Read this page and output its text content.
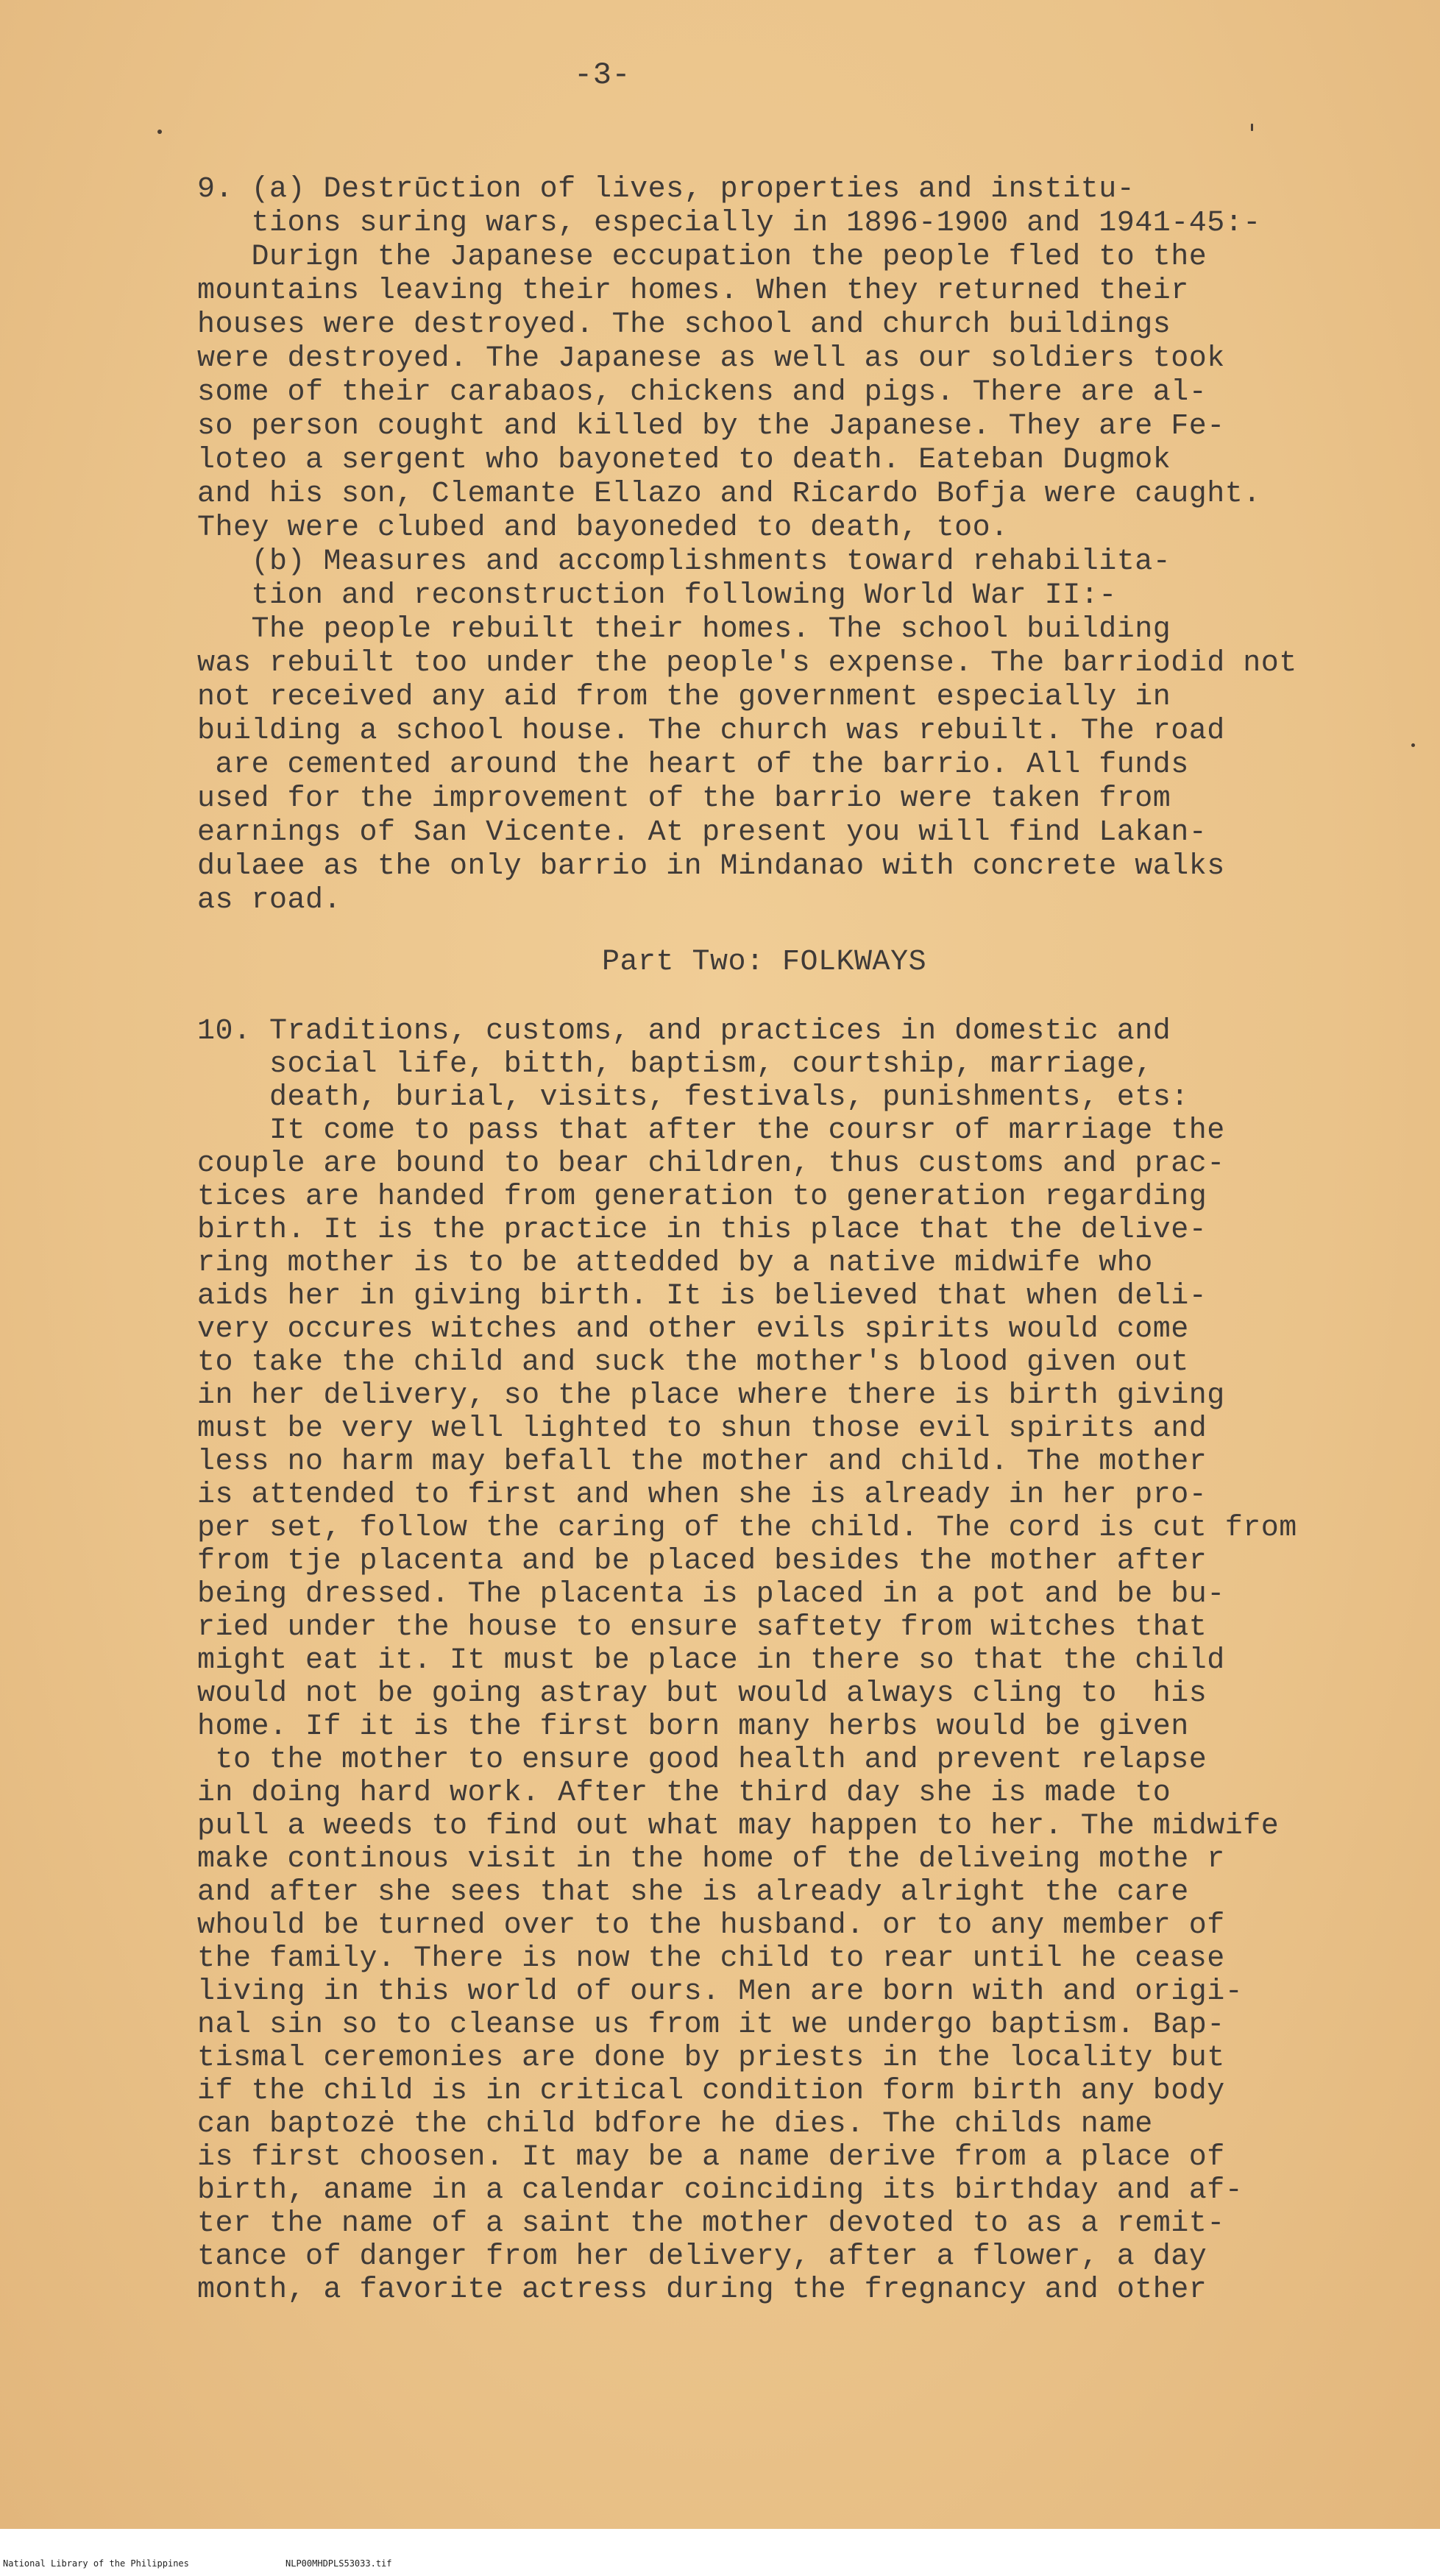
-3-
9. (a) Destrūction of lives, properties and institu-
tions suring wars, especially in 1896-1900 and 1941-45:-
Durign the Japanese eccupation the people fled to the
mountains leaving their homes. When they returned their
houses were destroyed. The school and church buildings
were destroyed. The Japanese as well as our soldiers took
some of their carabaos, chickens and pigs. There are al-
so person cought and killed by the Japanese. They are Fe-
loteo a sergent who bayoneted to death. Eateban Dugmok
and his son, Clemante Ellazo and Ricardo Bofja were caught.
They were clubed and bayoneded to death, too.
(b) Measures and accomplishments toward rehabilita-
tion and reconstruction following World War II:-
The people rebuilt their homes. The school building
was rebuilt too under the people's expense. The barriodid not
not received any aid from the government especially in
building a school house. The church was rebuilt. The road
are cemented around the heart of the barrio. All funds
used for the improvement of the barrio were taken from
earnings of San Vicente. At present you will find Lakan-
dulaee as the only barrio in Mindanao with concrete walks
as road.
Part Two: FOLKWAYS
10. Traditions, customs, and practices in domestic and
social life, bitth, baptism, courtship, marriage,
death, burial, visits, festivals, punishments, ets:
It come to pass that after the coursr of marriage the
couple are bound to bear children, thus customs and prac-
tices are handed from generation to generation regarding
birth. It is the practice in this place that the delive-
ring mother is to be attedded by a native midwife who
aids her in giving birth. It is believed that when deli-
very occures witches and other evils spirits would come
to take the child and suck the mother's blood given out
in her delivery, so the place where there is birth giving
must be very well lighted to shun those evil spirits and
less no harm may befall the mother and child. The mother
is attended to first and when she is already in her pro-
per set, follow the caring of the child. The cord is cut from
from tje placenta and be placed besides the mother after
being dressed. The placenta is placed in a pot and be bu-
ried under the house to ensure saftety from witches that
might eat it. It must be place in there so that the child
would not be going astray but would always cling to  his
home. If it is the first born many herbs would be given
to the mother to ensure good health and prevent relapse
in doing hard work. After the third day she is made to
pull a weeds to find out what may happen to her. The midwife
make continous visit in the home of the deliveing mothe r
and after she sees that she is already alright the care
whould be turned over to the husband. or to any member of
the family. There is now the child to rear until he cease
living in this world of ours. Men are born with and origi-
nal sin so to cleanse us from it we undergo baptism. Bap-
tismal ceremonies are done by priests in the locality but
if the child is in critical condition form birth any body
can baptozė the child bdfore he dies. The childs name
is first choosen. It may be a name derive from a place of
birth, aname in a calendar coinciding its birthday and af-
ter the name of a saint the mother devoted to as a remit-
tance of danger from her delivery, after a flower, a day
month, a favorite actress during the fregnancy and other
National Library of the Philippines	NLP00MHDPLS53033.tif
